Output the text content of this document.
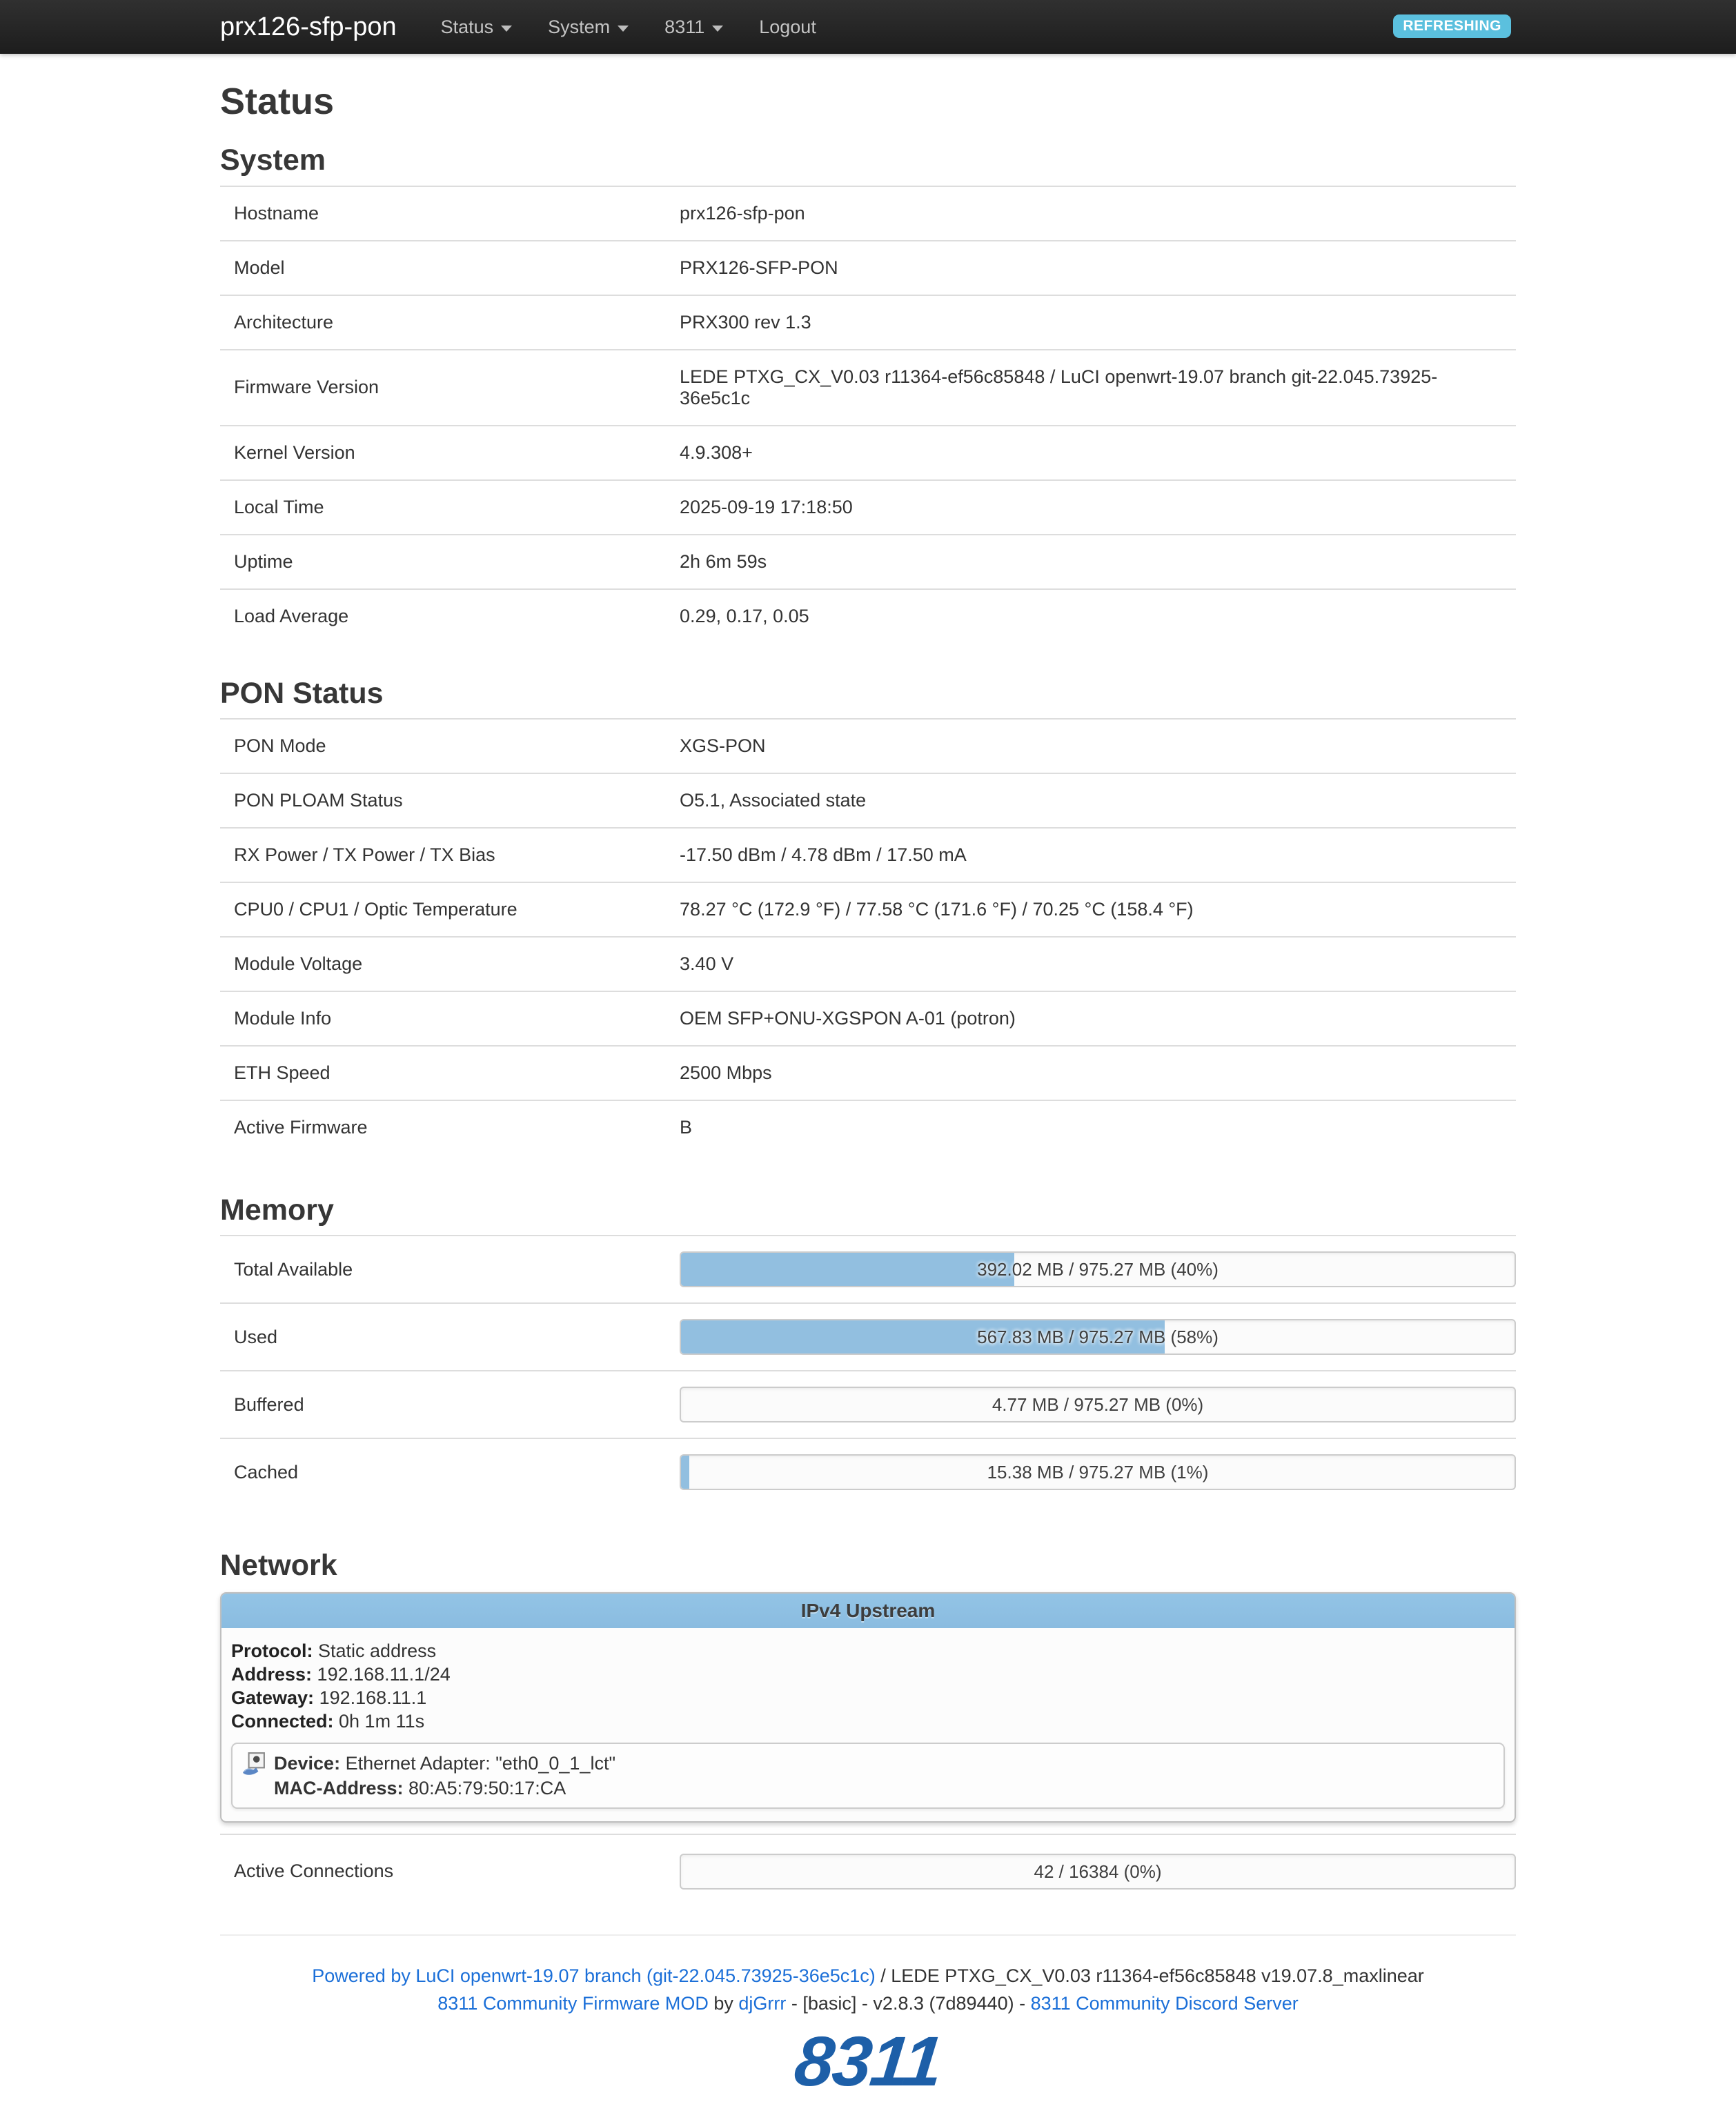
prx126-sfp-pon Status	System	8311	Logout	REFRESHING
Status
System
Hostname	prx126-sfp-pon
Model	PRX126-SFP-PON
Architecture	PRX300 rev 1.3
Firmware Version	LEDE PTXG_CX_V0.03 r11364-ef56c85848 / LuCI openwrt-19.07 branch git-22.045.73925-36e5c1c
Kernel Version	4.9.308+
Local Time	2025-09-19 17:18:50
Uptime	2h 6m 59s
Load Average	0.29, 0.17, 0.05
PON Status
PON Mode	XGS-PON
PON PLOAM Status	O5.1, Associated state
RX Power / TX Power / TX Bias	-17.50 dBm / 4.78 dBm / 17.50 mA
CPU0 / CPU1 / Optic Temperature	78.27 °C (172.9 °F) / 77.58 °C (171.6 °F) / 70.25 °C (158.4 °F)
Module Voltage	3.40 V
Module Info	OEM SFP+ONU-XGSPON A-01 (potron)
ETH Speed	2500 Mbps
Active Firmware	B
Memory
Total Available	392.02 MB / 975.27 MB (40%)

Used	567.83 MB / 975.27 MB (58%)

Buffered	4.77 MB / 975.27 MB (0%)

Cached	15.38 MB / 975.27 MB (1%)
Network
IPv4 Upstream
Protocol: Static address
Address: 192.168.11.1/24
Gateway: 192.168.11.1
Connected: 0h 1m 11s
Device: Ethernet Adapter: "eth0_0_1_lct"
MAC-Address: 80:A5:79:50:17:CA
Active Connections	42 / 16384 (0%)
Powered by LuCI openwrt-19.07 branch (git-22.045.73925-36e5c1c) / LEDE PTXG_CX_V0.03 r11364-ef56c85848 v19.07.8_maxlinear
8311 Community Firmware MOD by djGrrr - [basic] - v2.8.3 (7d89440) - 8311 Community Discord Server
8311
